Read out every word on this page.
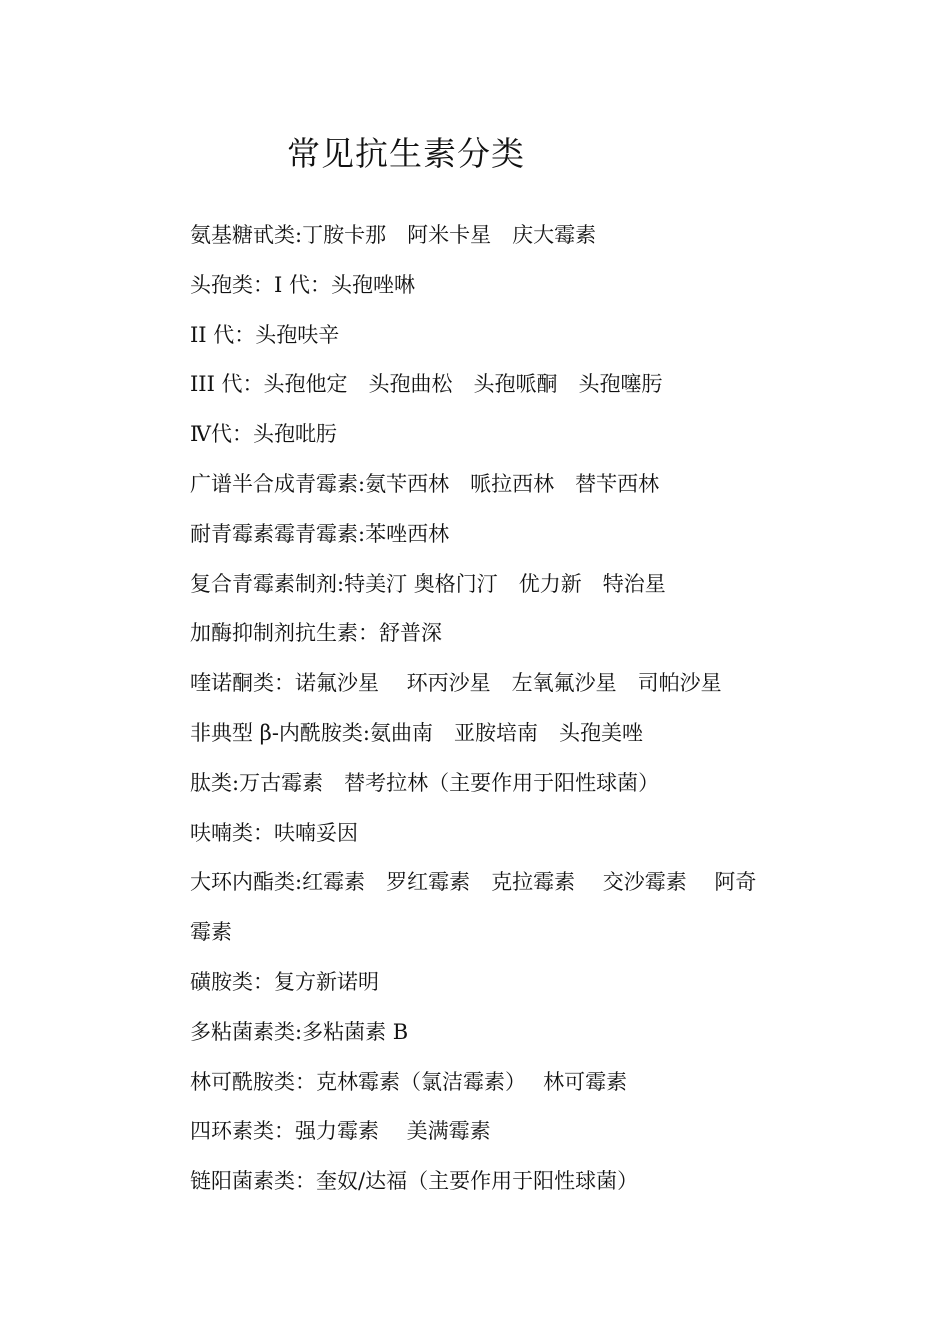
常见抗生素分类
氨基糖甙类:丁胺卡那　阿米卡星　庆大霉素
头孢类：I 代：头孢唑啉
II 代：头孢呋辛
III 代：头孢他定　头孢曲松　头孢哌酮　头孢噻肟
Ⅳ代：头孢吡肟
广谱半合成青霉素:氨苄西林　哌拉西林　替苄西林
耐青霉素霉青霉素:苯唑西林
复合青霉素制剂:特美汀 奥格门汀　优力新　特治星
加酶抑制剂抗生素：舒普深
喹诺酮类：诺氟沙星　 环丙沙星　左氧氟沙星　司帕沙星
非典型 β-内酰胺类:氨曲南　亚胺培南　头孢美唑
肽类:万古霉素　替考拉林（主要作用于阳性球菌）
呋喃类：呋喃妥因
大环内酯类:红霉素　罗红霉素　克拉霉素　 交沙霉素　 阿奇
霉素
磺胺类：复方新诺明
多粘菌素类:多粘菌素 B
林可酰胺类：克林霉素（氯洁霉素）　 林可霉素
四环素类：强力霉素　 美满霉素
链阳菌素类：奎奴/达福（主要作用于阳性球菌）
